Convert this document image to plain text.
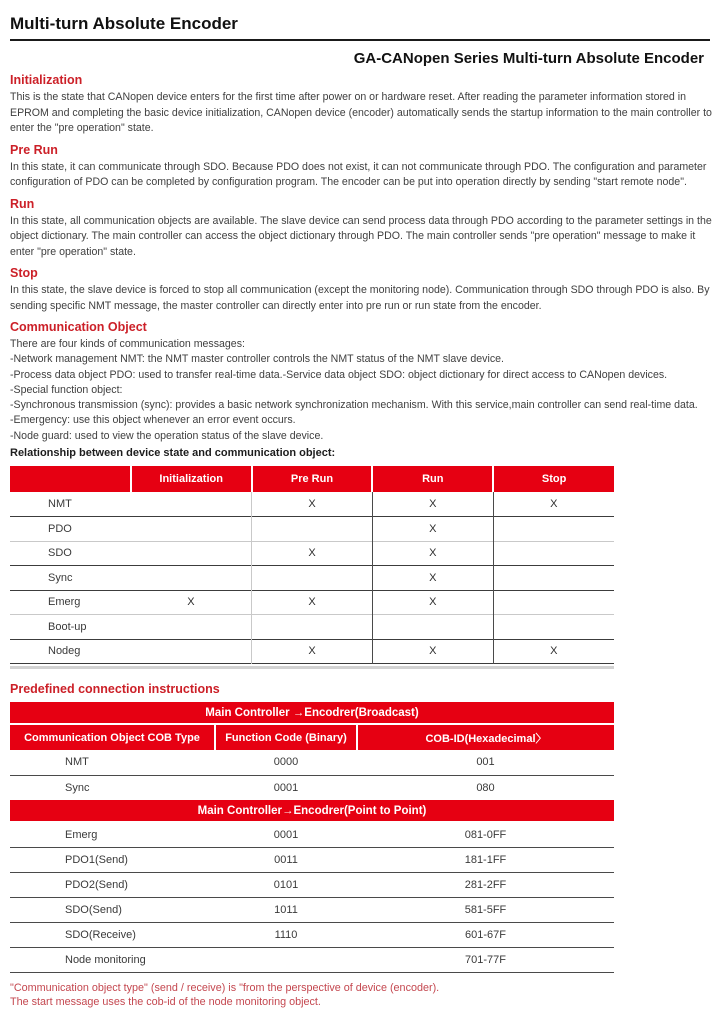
Multi-turn Absolute Encoder
GA-CANopen Series Multi-turn Absolute Encoder
Initialization
This is the state that CANopen device enters for the first time after power on or hardware reset. After reading the parameter information stored in EPROM and completing the basic device initialization, CANopen device (encoder) automatically sends the startup information to the main controller to enter the "pre operation" state.
Pre Run
In this state, it can communicate through SDO. Because PDO does not exist, it can not communicate through PDO. The configuration and parameter configuration of PDO can be completed by configuration program. The encoder can be put into operation directly by sending "start remote node".
Run
In this state, all communication objects are available. The slave device can send process data through PDO according to the parameter settings in the object dictionary. The main controller can access the object dictionary through PDO. The main controller sends "pre operation" message to make it enter "pre operation" state.
Stop
In this state, the slave device is forced to stop all communication (except the monitoring node). Communication through SDO through PDO is also. By sending specific NMT message, the master controller can directly enter into pre run or run state from the encoder.
Communication Object
There are four kinds of communication messages:
-Network management NMT: the NMT master controller controls the NMT status of the NMT slave device.
-Process data object PDO: used to transfer real-time data.-Service data object SDO: object dictionary for direct access to CANopen devices.
-Special function object:
-Synchronous transmission (sync): provides a basic network synchronization mechanism. With this service,main controller can send real-time data.
-Emergency: use this object whenever an error event occurs.
-Node guard: used to view the operation status of the slave device.
Relationship between device state and communication object:
	Initialization	Pre Run	Run	Stop
NMT		X	X	X
PDO			X	
SDO		X	X	
Sync			X	
Emerg	X	X	X	
Boot-up				
Nodeg		X	X	X
Predefined connection instructions
Main Controller →Encodrer(Broadcast)		
Communication Object COB Type	Function Code (Binary)	COB-ID(Hexadecimal〉
NMT	0000	001
Sync	0001	080
Main Controller→Encodrer(Point to Point)		
Emerg	0001	081-0FF
PDO1(Send)	0011	181-1FF
PDO2(Send)	0101	281-2FF
SDO(Send)	1011	581-5FF
SDO(Receive)	1110	601-67F
Node monitoring		701-77F
"Communication object type" (send / receive) is "from the perspective of device (encoder).
The start message uses the cob-id of the node monitoring object.
